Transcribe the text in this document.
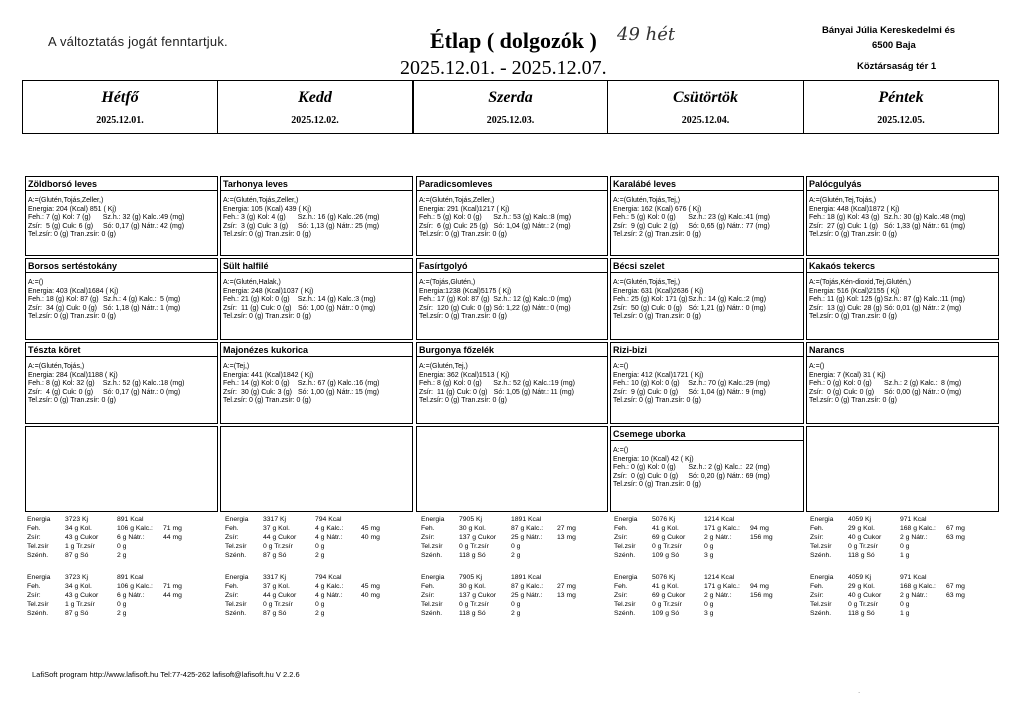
A változtatás jogát fenntartjuk.	Étlap ( dolgozók )
2025.12.01. - 2025.12.07.
49 hét	Bányai Júlia Kereskedelmi és
6500 Baja
Köztársaság tér 1
Hétfő
2025.12.01.
Kedd
2025.12.02.
Szerda
2025.12.03.
Csütörtök
2025.12.04.
Péntek
2025.12.05.
Zöldborsó leves
A:=(Glutén,Tojás,Zeller,)
Energia: 204 (Kcal) 851 ( Kj)
Feh.: 7 (g) Kol: 7 (g)	Sz.h.: 32 (g) Kalc.: 49 (mg)
Zsír: 5 (g) Cuk: 6 (g)	Só: 0,17 (g) Nátr.: 42 (mg)
Tel.zsír: 0 (g) Tran.zsír: 0 (g)
Borsos sertéstokány
A:=()
Energia: 403 (Kcal)1684 ( Kj)
Feh.: 18 (g) Kol: 87 (g) Sz.h.: 4 (g) Kalc.: 5 (mg)
Zsír: 34 (g) Cuk: 0 (g) Só: 1,18 (g) Nátr.: 1 (mg)
Tel.zsír: 0 (g) Tran.zsír: 0 (g)
Tészta köret
A:=(Glutén,Tojás,)
Energia: 284 (Kcal)1188 ( Kj)
Feh.: 8 (g) Kol: 32 (g)	Sz.h.: 52 (g) Kalc.: 18 (mg)
Zsír: 4 (g) Cuk: 0 (g)	Só: 0,17 (g) Nátr.: 0 (mg)
Tel.zsír: 0 (g) Tran.zsír: 0 (g)
Tarhonya leves
A:=(Glutén,Tojás,Zeller,)
Energia: 105 (Kcal) 439 ( Kj)
Feh.: 3 (g) Kol: 4 (g)	Sz.h.: 16 (g) Kalc.: 26 (mg)
Zsír: 3 (g) Cuk: 3 (g)	Só: 1,13 (g) Nátr.: 25 (mg)
Tel.zsír: 0 (g) Tran.zsír: 0 (g)
Sült halfilé
A:=(Glutén,Halak,)
Energia: 248 (Kcal)1037 ( Kj)
Feh.: 21 (g) Kol: 0 (g)	Sz.h.: 14 (g) Kalc.: 3 (mg)
Zsír: 11 (g) Cuk: 0 (g) Só: 1,00 (g) Nátr.: 0 (mg)
Tel.zsír: 0 (g) Tran.zsír: 0 (g)
Majonézes kukorica
A:=(Tej,)
Energia: 441 (Kcal)1842 ( Kj)
Feh.: 14 (g) Kol: 0 (g)	Sz.h.: 67 (g) Kalc.: 16 (mg)
Zsír: 30 (g) Cuk: 3 (g) Só: 1,00 (g) Nátr.: 15 (mg)
Tel.zsír: 0 (g) Tran.zsír: 0 (g)
Paradicsomleves
A:=(Glutén,Tojás,Zeller,)
Energia: 291 (Kcal)1217 ( Kj)
Feh.: 5 (g) Kol: 0 (g)	Sz.h.: 53 (g) Kalc.: 8 (mg)
Zsír: 6 (g) Cuk: 25 (g) Só: 1,04 (g) Nátr.: 2 (mg)
Tel.zsír: 0 (g) Tran.zsír: 0 (g)
Fasírtgolyó
A:=(Tojás,Glutén,)
Energia:1238 (Kcal)5175 ( Kj)
Feh.: 17 (g) Kol: 87 (g) Sz.h.: 12 (g) Kalc.: 0 (mg)
Zsír: 120 (g) Cuk: 0 (g) Só: 1,22 (g) Nátr.: 0 (mg)
Tel.zsír: 0 (g) Tran.zsír: 0 (g)
Burgonya főzelék
A:=(Glutén,Tej,)
Energia: 362 (Kcal)1513 ( Kj)
Feh.: 8 (g) Kol: 0 (g)	Sz.h.: 52 (g) Kalc.: 19 (mg)
Zsír: 11 (g) Cuk: 0 (g) Só: 1,05 (g) Nátr.: 11 (mg)
Tel.zsír: 0 (g) Tran.zsír: 0 (g)
Karalábé leves
A:=(Glutén,Tojás,Tej,)
Energia: 162 (Kcal) 676 ( Kj)
Feh.: 5 (g) Kol: 0 (g)	Sz.h.: 23 (g) Kalc.: 41 (mg)
Zsír: 9 (g) Cuk: 2 (g)	Só: 0,65 (g) Nátr.: 77 (mg)
Tel.zsír: 2 (g) Tran.zsír: 0 (g)
Bécsi szelet
A:=(Glutén,Tojás,Tej,)
Energia: 631 (Kcal)2636 ( Kj)
Feh.: 25 (g) Kol: 171 (g) Sz.h.: 14 (g) Kalc.: 2 (mg)
Zsír: 50 (g) Cuk: 0 (g) Só: 1,21 (g) Nátr.: 0 (mg)
Tel.zsír: 0 (g) Tran.zsír: 0 (g)
Rizi-bizi
A:=()
Energia: 412 (Kcal)1721 ( Kj)
Feh.: 10 (g) Kol: 0 (g)	Sz.h.: 70 (g) Kalc.: 29 (mg)
Zsír: 9 (g) Cuk: 0 (g)	Só: 1,04 (g) Nátr.: 9 (mg)
Tel.zsír: 0 (g) Tran.zsír: 0 (g)
Csemege uborka
A:=()
Energia: 10 (Kcal) 42 ( Kj)
Feh.: 0 (g) Kol: 0 (g)	Sz.h.: 2 (g) Kalc.: 22 (mg)
Zsír: 0 (g) Cuk: 0 (g)	Só: 0,20 (g) Nátr.: 69 (mg)
Tel.zsír: 0 (g) Tran.zsír: 0 (g)
Palócgulyás
A:=(Glutén,Tej,Tojás,)
Energia: 448 (Kcal)1872 ( Kj)
Feh.: 18 (g) Kol: 43 (g) Sz.h.: 30 (g) Kalc.: 48 (mg)
Zsír: 27 (g) Cuk: 1 (g) Só: 1,33 (g) Nátr.: 61 (mg)
Tel.zsír: 0 (g) Tran.zsír: 0 (g)
Kakaós tekercs
A:=(Tojás,Kén-dioxid,Tej,Glutén,)
Energia: 516 (Kcal)2155 ( Kj)
Feh.: 11 (g) Kol: 125 (g) Sz.h.: 87 (g) Kalc.: 11 (mg)
Zsír: 13 (g) Cuk: 28 (g) Só: 0,01 (g) Nátr.: 2 (mg)
Tel.zsír: 0 (g) Tran.zsír: 0 (g)
Narancs
A:=()
Energia: 7 (Kcal) 31 ( Kj)
Feh.: 0 (g) Kol: 0 (g)	Sz.h.: 2 (g) Kalc.: 8 (mg)
Zsír: 0 (g) Cuk: 0 (g)	Só: 0,00 (g) Nátr.: 0 (mg)
Tel.zsír: 0 (g) Tran.zsír: 0 (g)
Energia	3723 Kj	891 Kcal
Feh.	34 g Kol.	106 g Kalc.:	71 mg
Zsír:	43 g Cukor	6 g Nátr.:	44 mg
Tel.zsír	1 g Tr.zsír	0 g
Szénh.	87 g Só	2 g
Energia	3317 Kj	794 Kcal
Feh.	37 g Kol.	4 g Kalc.:	45 mg
Zsír:	44 g Cukor	4 g Nátr.:	40 mg
Tel.zsír	0 g Tr.zsír	0 g
Szénh.	87 g Só	2 g
Energia	7905 Kj	1891 Kcal
Feh.	30 g Kol.	87 g Kalc.:	27 mg
Zsír:	137 g Cukor	25 g Nátr.:	13 mg
Tel.zsír	0 g Tr.zsír	0 g
Szénh.	118 g Só	2 g
Energia	5076 Kj	1214 Kcal
Feh.	41 g Kol.	171 g Kalc.:	94 mg
Zsír:	69 g Cukor	2 g Nátr.:	156 mg
Tel.zsír	0 g Tr.zsír	0 g
Szénh.	109 g Só	3 g
Energia	4059 Kj	971 Kcal
Feh.	29 g Kol.	168 g Kalc.:	67 mg
Zsír:	40 g Cukor	2 g Nátr.:	63 mg
Tel.zsír	0 g Tr.zsír	0 g
Szénh.	118 g Só	1 g
Energia	3723 Kj	891 Kcal
Feh.	34 g Kol.	106 g Kalc.:	71 mg
Zsír:	43 g Cukor	6 g Nátr.:	44 mg
Tel.zsír	1 g Tr.zsír	0 g
Szénh.	87 g Só	2 g
Energia	3317 Kj	794 Kcal
Feh.	37 g Kol.	4 g Kalc.:	45 mg
Zsír:	44 g Cukor	4 g Nátr.:	40 mg
Tel.zsír	0 g Tr.zsír	0 g
Szénh.	87 g Só	2 g
Energia	7905 Kj	1891 Kcal
Feh.	30 g Kol.	87 g Kalc.:	27 mg
Zsír:	137 g Cukor	25 g Nátr.:	13 mg
Tel.zsír	0 g Tr.zsír	0 g
Szénh.	118 g Só	2 g
Energia	5076 Kj	1214 Kcal
Feh.	41 g Kol.	171 g Kalc.:	94 mg
Zsír:	69 g Cukor	2 g Nátr.:	156 mg
Tel.zsír	0 g Tr.zsír	0 g
Szénh.	109 g Só	3 g
Energia	4059 Kj	971 Kcal
Feh.	29 g Kol.	168 g Kalc.:	67 mg
Zsír:	40 g Cukor	2 g Nátr.:	63 mg
Tel.zsír	0 g Tr.zsír	0 g
Szénh.	118 g Só	1 g
LafiSoft program http://www.lafisoft.hu Tel:77-425-262 lafisoft@lafisoft.hu V 2.2.6
.
